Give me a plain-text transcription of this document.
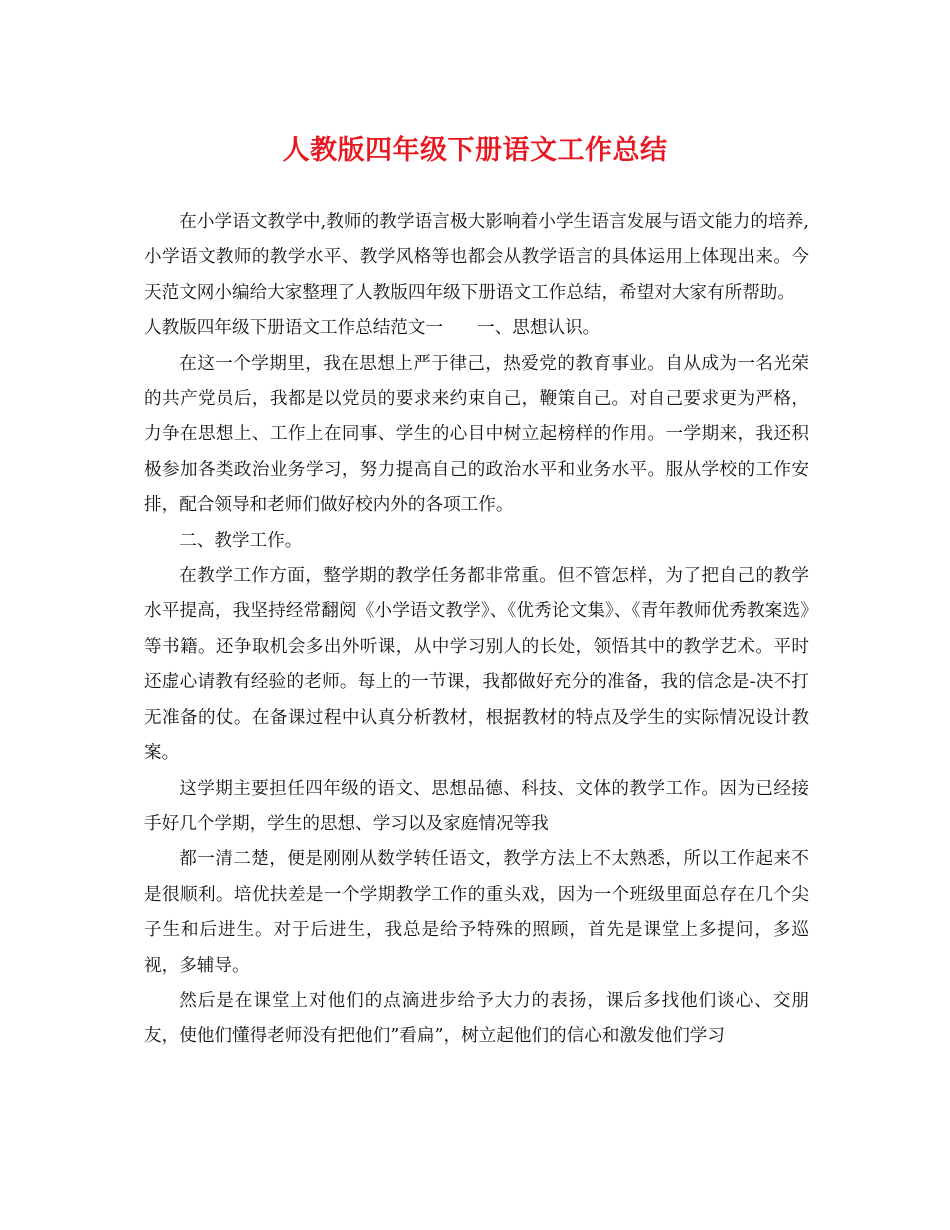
人教版四年级下册语文工作总结

在小学语文教学中,教师的教学语言极大影响着小学生语言发展与语文能力的培养,小学语文教师的教学水平、教学风格等也都会从教学语言的具体运用上体现出来。今天范文网小编给大家整理了人教版四年级下册语文工作总结，希望对大家有所帮助。

人教版四年级下册语文工作总结范文一 一、思想认识。

在这一个学期里，我在思想上严于律己，热爱党的教育事业。自从成为一名光荣的共产党员后，我都是以党员的要求来约束自己，鞭策自己。对自己要求更为严格，力争在思想上、工作上在同事、学生的心目中树立起榜样的作用。一学期来，我还积极参加各类政治业务学习，努力提高自己的政治水平和业务水平。服从学校的工作安排，配合领导和老师们做好校内外的各项工作。

二、教学工作。

在教学工作方面，整学期的教学任务都非常重。但不管怎样，为了把自己的教学水平提高，我坚持经常翻阅《小学语文教学》、《优秀论文集》、《青年教师优秀教案选》等书籍。还争取机会多出外听课，从中学习别人的长处，领悟其中的教学艺术。平时还虚心请教有经验的老师。每上的一节课，我都做好充分的准备，我的信念是-决不打无准备的仗。在备课过程中认真分析教材，根据教材的特点及学生的实际情况设计教案。

这学期主要担任四年级的语文、思想品德、科技、文体的教学工作。因为已经接手好几个学期，学生的思想、学习以及家庭情况等我

都一清二楚，便是刚刚从数学转任语文，教学方法上不太熟悉，所以工作起来不是很顺利。培优扶差是一个学期教学工作的重头戏，因为一个班级里面总存在几个尖子生和后进生。对于后进生，我总是给予特殊的照顾，首先是课堂上多提问，多巡视，多辅导。

然后是在课堂上对他们的点滴进步给予大力的表扬，课后多找他们谈心、交朋友，使他们懂得老师没有把他们”看扁”，树立起他们的信心和激发他们学习
